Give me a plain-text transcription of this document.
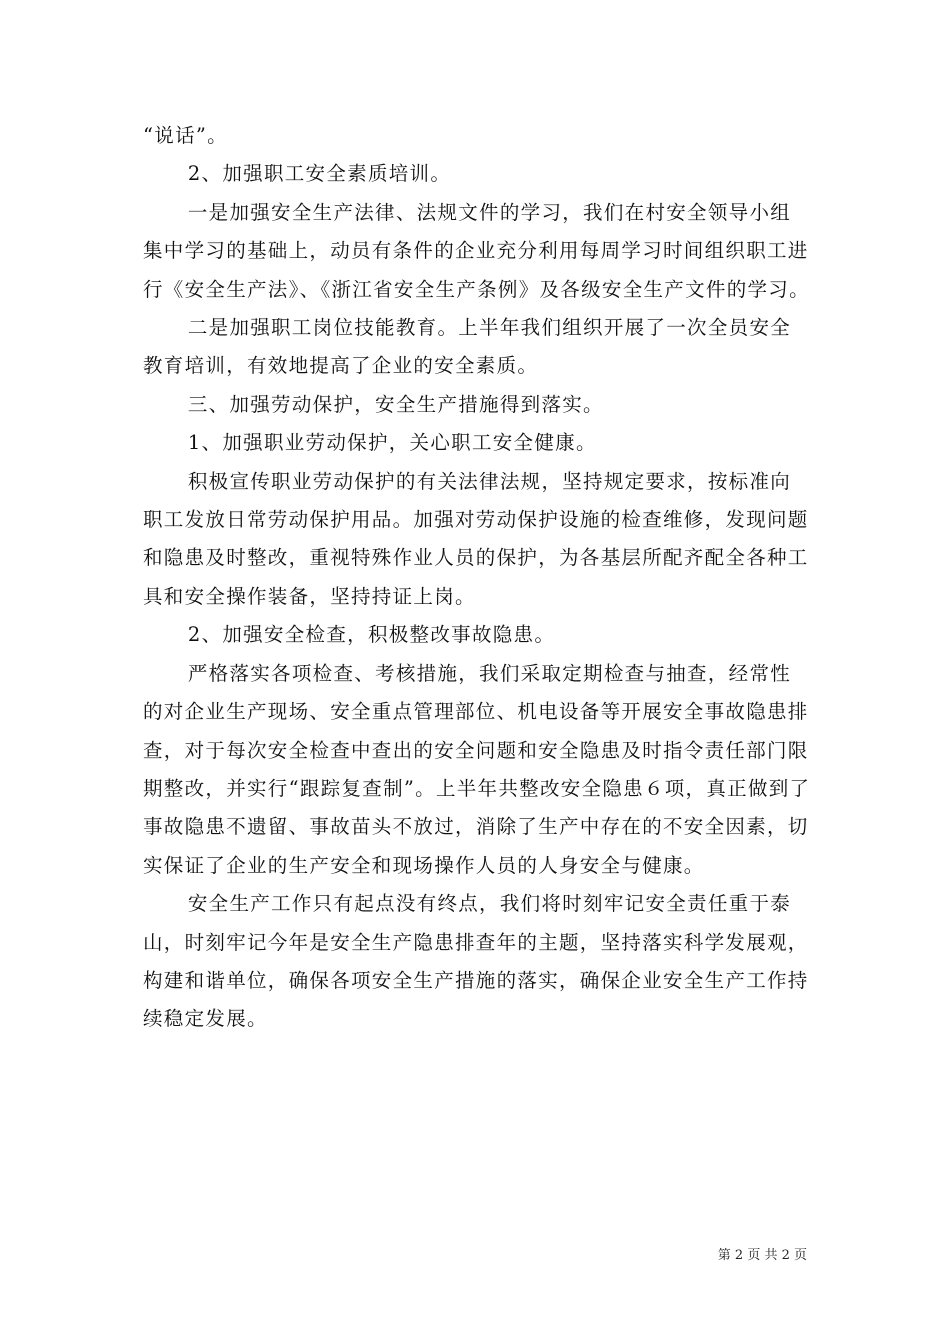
“说话”。

2、加强职工安全素质培训。

一是加强安全生产法律、法规文件的学习，我们在村安全领导小组集中学习的基础上，动员有条件的企业充分利用每周学习时间组织职工进行《安全生产法》、《浙江省安全生产条例》及各级安全生产文件的学习。

二是加强职工岗位技能教育。上半年我们组织开展了一次全员安全教育培训，有效地提高了企业的安全素质。

三、加强劳动保护，安全生产措施得到落实。

1、加强职业劳动保护，关心职工安全健康。

积极宣传职业劳动保护的有关法律法规，坚持规定要求，按标准向职工发放日常劳动保护用品。加强对劳动保护设施的检查维修，发现问题和隐患及时整改，重视特殊作业人员的保护，为各基层所配齐配全各种工具和安全操作装备，坚持持证上岗。

2、加强安全检查，积极整改事故隐患。

严格落实各项检查、考核措施，我们采取定期检查与抽查，经常性的对企业生产现场、安全重点管理部位、机电设备等开展安全事故隐患排查，对于每次安全检查中查出的安全问题和安全隐患及时指令责任部门限期整改，并实行“跟踪复查制”。上半年共整改安全隐患６项，真正做到了事故隐患不遗留、事故苗头不放过，消除了生产中存在的不安全因素，切实保证了企业的生产安全和现场操作人员的人身安全与健康。

安全生产工作只有起点没有终点，我们将时刻牢记安全责任重于泰山，时刻牢记今年是安全生产隐患排查年的主题，坚持落实科学发展观，构建和谐单位，确保各项安全生产措施的落实，确保企业安全生产工作持续稳定发展。

第 2 页 共 2 页
